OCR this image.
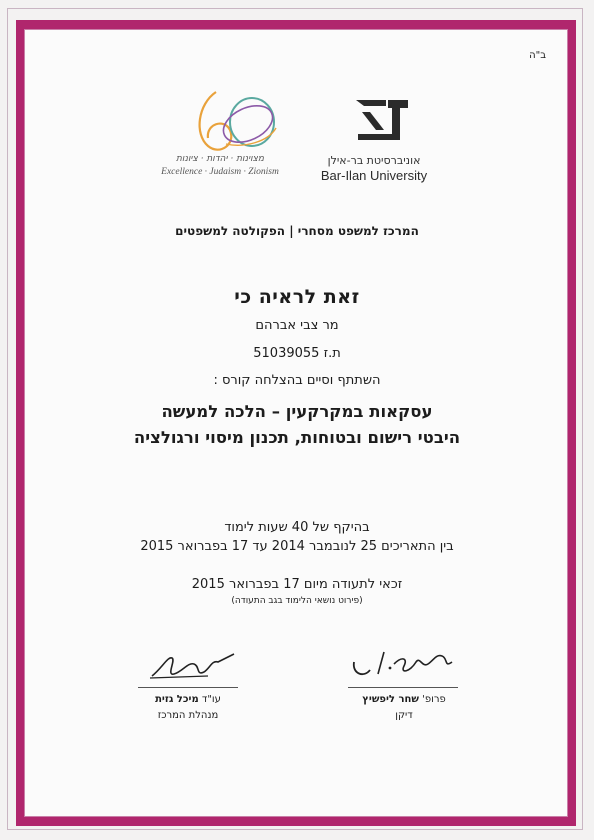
ב"ה
אוניברסיטת בר-אילן
Bar-Ilan University
מצוינות · יהדות · ציונות
Excellence · Judaism · Zionism
המרכז למשפט מסחרי | הפקולטה למשפטים
זאת לראיה כי
מר צבי אברהם
ת.ז 51039055
השתתף וסיים בהצלחה קורס :
עסקאות במקרקעין – הלכה למעשה
היבטי רישום ובטוחות, תכנון מיסוי ורגולציה
בהיקף של 40 שעות לימוד
בין התאריכים 25 לנובמבר 2014 עד 17 בפברואר 2015
זכאי לתעודה מיום 17 בפברואר 2015
(פירוט נושאי הלימוד בגב התעודה)
עו"ד מיכל גזית
מנהלת המרכז
פרופ' שחר ליפשיץ
דיקן
